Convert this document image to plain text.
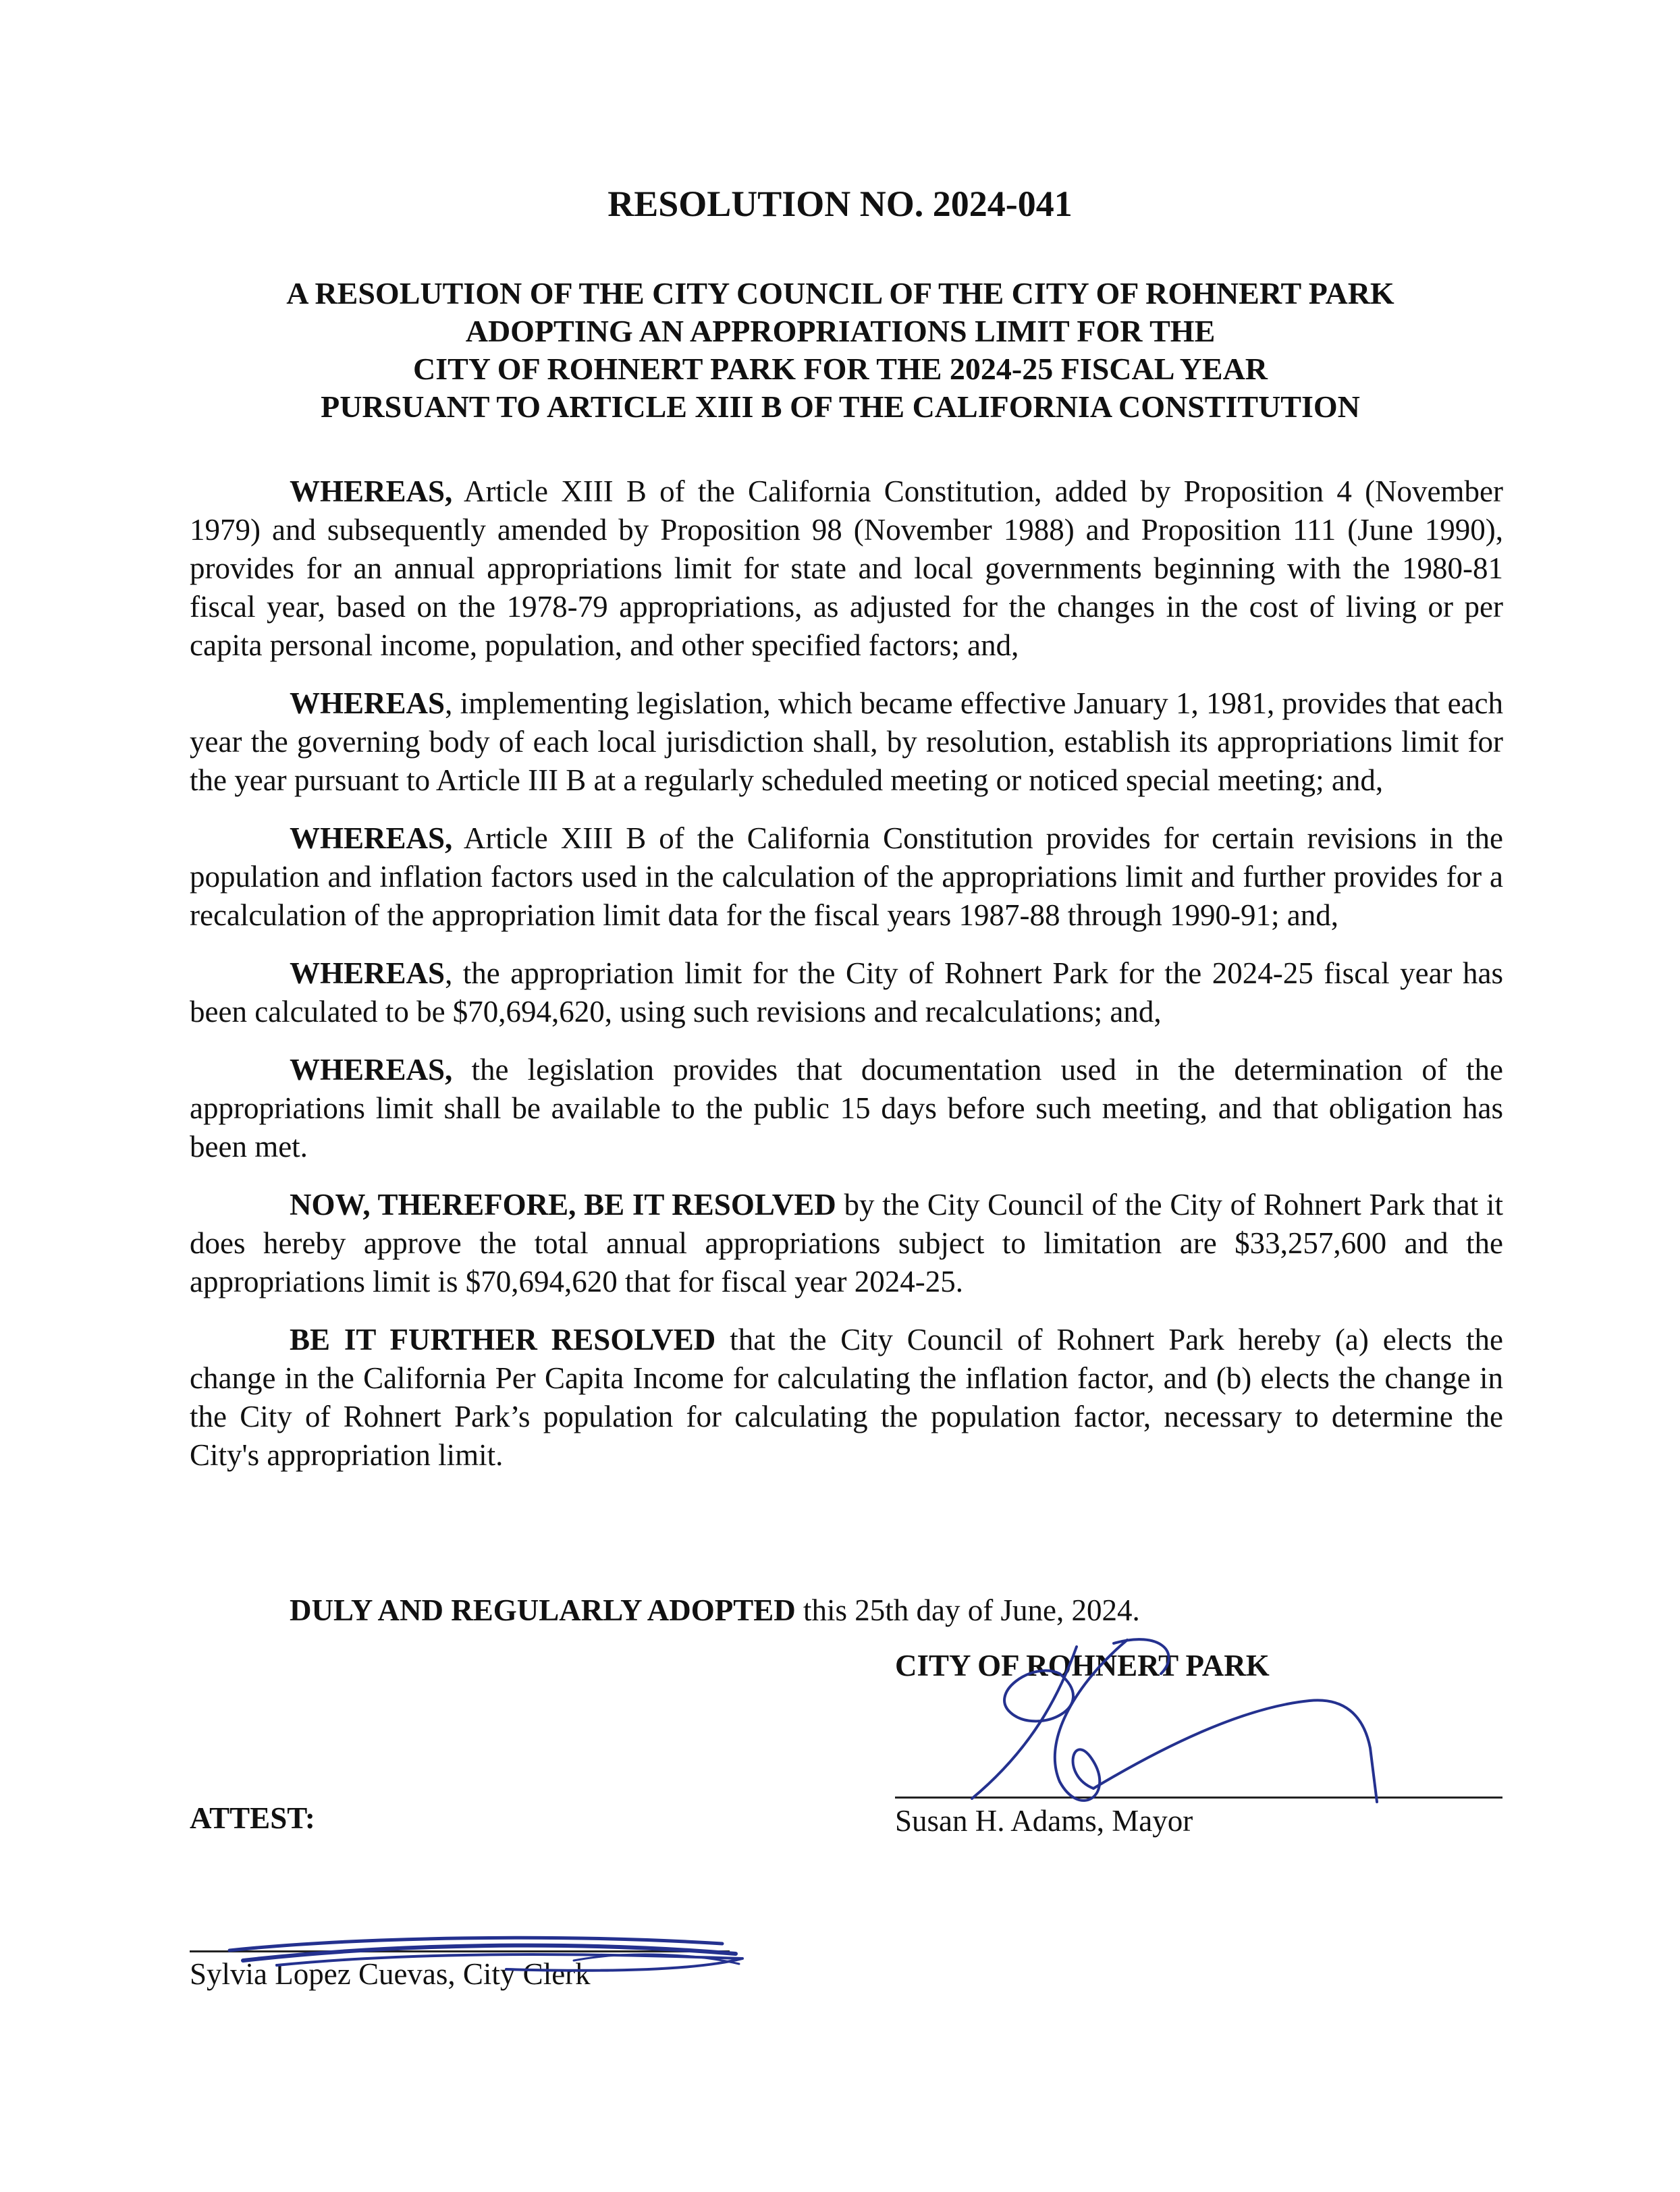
RESOLUTION NO. 2024-041
A RESOLUTION OF THE CITY COUNCIL OF THE CITY OF ROHNERT PARK
ADOPTING AN APPROPRIATIONS LIMIT FOR THE
CITY OF ROHNERT PARK FOR THE 2024-25 FISCAL YEAR
PURSUANT TO ARTICLE XIII B OF THE CALIFORNIA CONSTITUTION

WHEREAS, Article XIII B of the California Constitution, added by Proposition 4 (November 1979) and subsequently amended by Proposition 98 (November 1988) and Proposition 111 (June 1990), provides for an annual appropriations limit for state and local governments beginning with the 1980-81 fiscal year, based on the 1978-79 appropriations, as adjusted for the changes in the cost of living or per capita personal income, population, and other specified factors; and,

WHEREAS, implementing legislation, which became effective January 1, 1981, provides that each year the governing body of each local jurisdiction shall, by resolution, establish its appropriations limit for the year pursuant to Article III B at a regularly scheduled meeting or noticed special meeting; and,

WHEREAS, Article XIII B of the California Constitution provides for certain revisions in the population and inflation factors used in the calculation of the appropriations limit and further provides for a recalculation of the appropriation limit data for the fiscal years 1987-88 through 1990-91; and,

WHEREAS, the appropriation limit for the City of Rohnert Park for the 2024-25 fiscal year has been calculated to be $70,694,620, using such revisions and recalculations; and,

WHEREAS, the legislation provides that documentation used in the determination of the appropriations limit shall be available to the public 15 days before such meeting, and that obligation has been met.

NOW, THEREFORE, BE IT RESOLVED by the City Council of the City of Rohnert Park that it does hereby approve the total annual appropriations subject to limitation are $33,257,600 and the appropriations limit is $70,694,620 that for fiscal year 2024-25.

BE IT FURTHER RESOLVED that the City Council of Rohnert Park hereby (a) elects the change in the California Per Capita Income for calculating the inflation factor, and (b) elects the change in the City of Rohnert Park’s population for calculating the population factor, necessary to determine the City's appropriation limit.

DULY AND REGULARLY ADOPTED this 25th day of June, 2024.

CITY OF ROHNERT PARK

Susan H. Adams, Mayor

ATTEST:

Sylvia Lopez Cuevas, City Clerk
